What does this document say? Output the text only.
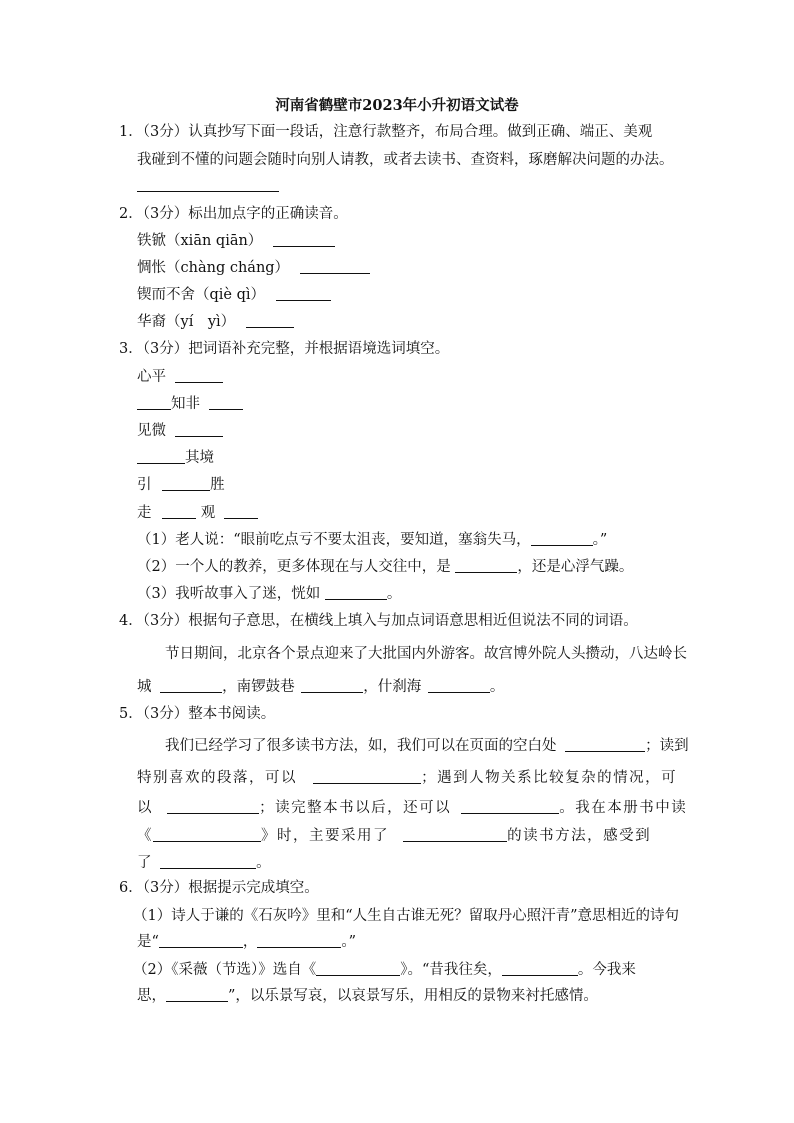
河南省鹤壁市2023年小升初语文试卷
1．（3分）认真抄写下面一段话，注意行款整齐，布局合理。做到正确、端正、美观
我碰到不懂的问题会随时向别人请教，或者去读书、查资料，琢磨解决问题的办法。
2．（3分）标出加点字的正确读音。
铁锨（xiān qiān）
惆怅（chàng cháng）
锲而不舍（qiè qì）
华裔（yí　yì）
3．（3分）把词语补充完整，并根据语境选词填空。
心平
知非
见微
其境
引	胜
走	观
（1）老人说：“眼前吃点亏不要太沮丧，要知道，塞翁失马，	。”
（2）一个人的教养，更多体现在与人交往中，是	，还是心浮气躁。
（3）我听故事入了迷，恍如	。
4．（3分）根据句子意思，在横线上填入与加点词语意思相近但说法不同的词语。
节日期间，北京各个景点迎来了大批国内外游客。故宫博外院人头攒动，八达岭长
城	，南锣鼓巷	，什刹海	。
5．（3分）整本书阅读。
我们已经学习了很多读书方法，如，我们可以在页面的空白处	；读到
特别喜欢的段落，可以	；遇到人物关系比较复杂的情况，可
以	；读完整本书以后，还可以	。我在本册书中读
《	》时，主要采用了	的读书方法，感受到
了	。
6．（3分）根据提示完成填空。
（1）诗人于谦的《石灰吟》里和“人生自古谁无死？留取丹心照汗青”意思相近的诗句
是“	，	。”
（2）《采薇（节选）》选自《	》。“昔我往矣，	。今我来
思，	”，以乐景写哀，以哀景写乐，用相反的景物来衬托感情。
